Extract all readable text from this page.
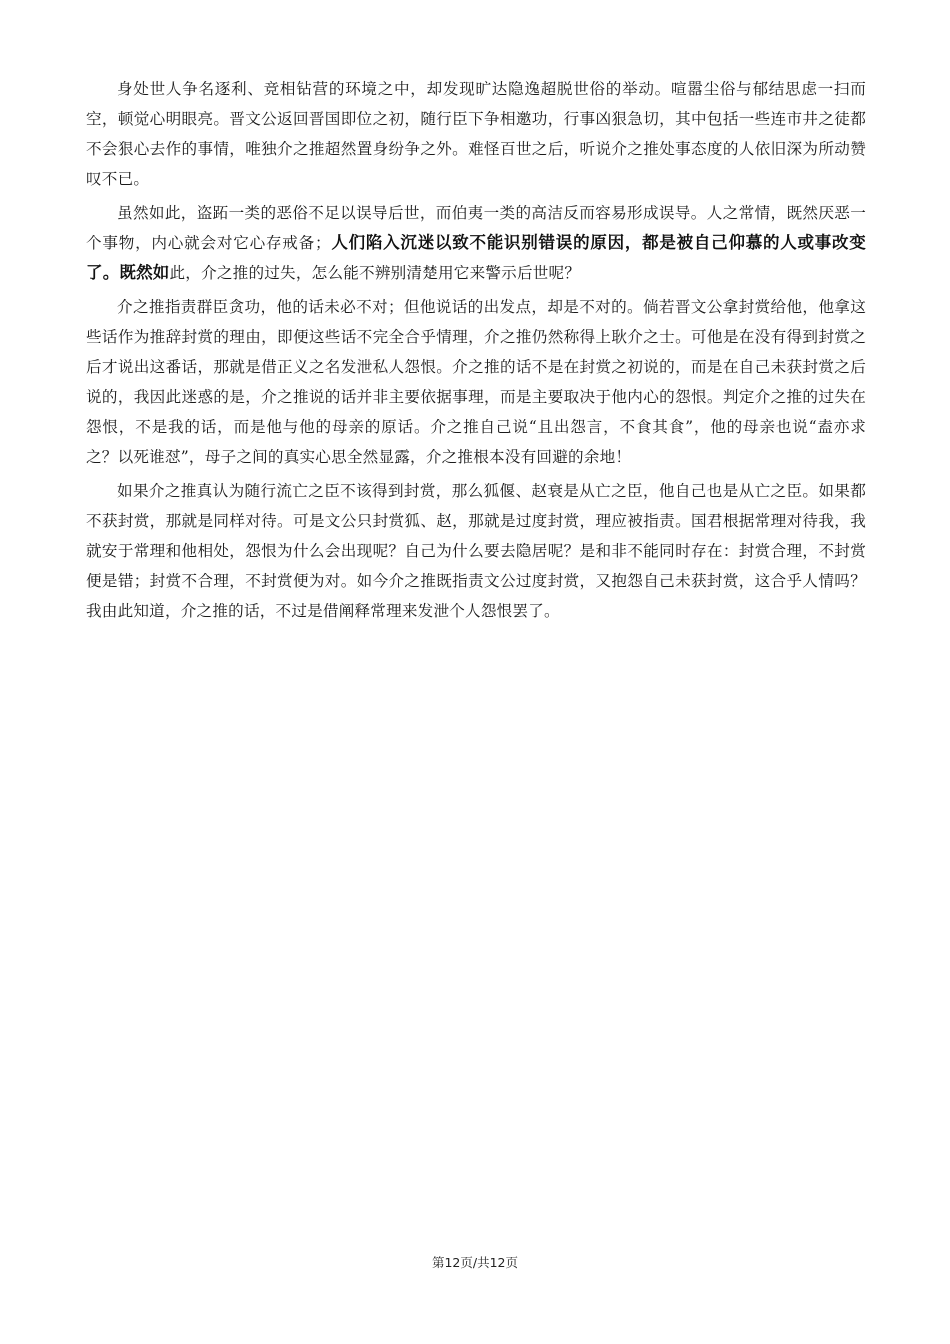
身处世人争名逐利、竞相钻营的环境之中，却发现旷达隐逸超脱世俗的举动。喧嚣尘俗与郁结思虑一扫而空，顿觉心明眼亮。晋文公返回晋国即位之初，随行臣下争相邀功，行事凶狠急切，其中包括一些连市井之徒都不会狠心去作的事情，唯独介之推超然置身纷争之外。难怪百世之后，听说介之推处事态度的人依旧深为所动赞叹不已。

虽然如此，盗跖一类的恶俗不足以误导后世，而伯夷一类的高洁反而容易形成误导。人之常情，既然厌恶一个事物，内心就会对它心存戒备；人们陷入沉迷以致不能识别错误的原因，都是被自己仰慕的人或事改变了。既然如此，介之推的过失，怎么能不辨别清楚用它来警示后世呢？

介之推指责群臣贪功，他的话未必不对；但他说话的出发点，却是不对的。倘若晋文公拿封赏给他，他拿这些话作为推辞封赏的理由，即便这些话不完全合乎情理，介之推仍然称得上耿介之士。可他是在没有得到封赏之后才说出这番话，那就是借正义之名发泄私人怨恨。介之推的话不是在封赏之初说的，而是在自己未获封赏之后说的，我因此迷惑的是，介之推说的话并非主要依据事理，而是主要取决于他内心的怨恨。判定介之推的过失在怨恨，不是我的话，而是他与他的母亲的原话。介之推自己说“且出怨言，不食其食”，他的母亲也说“盍亦求之？以死谁怼”，母子之间的真实心思全然显露，介之推根本没有回避的余地！

如果介之推真认为随行流亡之臣不该得到封赏，那么狐偃、赵衰是从亡之臣，他自己也是从亡之臣。如果都不获封赏，那就是同样对待。可是文公只封赏狐、赵，那就是过度封赏，理应被指责。国君根据常理对待我，我就安于常理和他相处，怨恨为什么会出现呢？自己为什么要去隐居呢？是和非不能同时存在：封赏合理，不封赏便是错；封赏不合理，不封赏便为对。如今介之推既指责文公过度封赏，又抱怨自己未获封赏，这合乎人情吗？我由此知道，介之推的话，不过是借阐释常理来发泄个人怨恨罢了。

第12页/共12页
